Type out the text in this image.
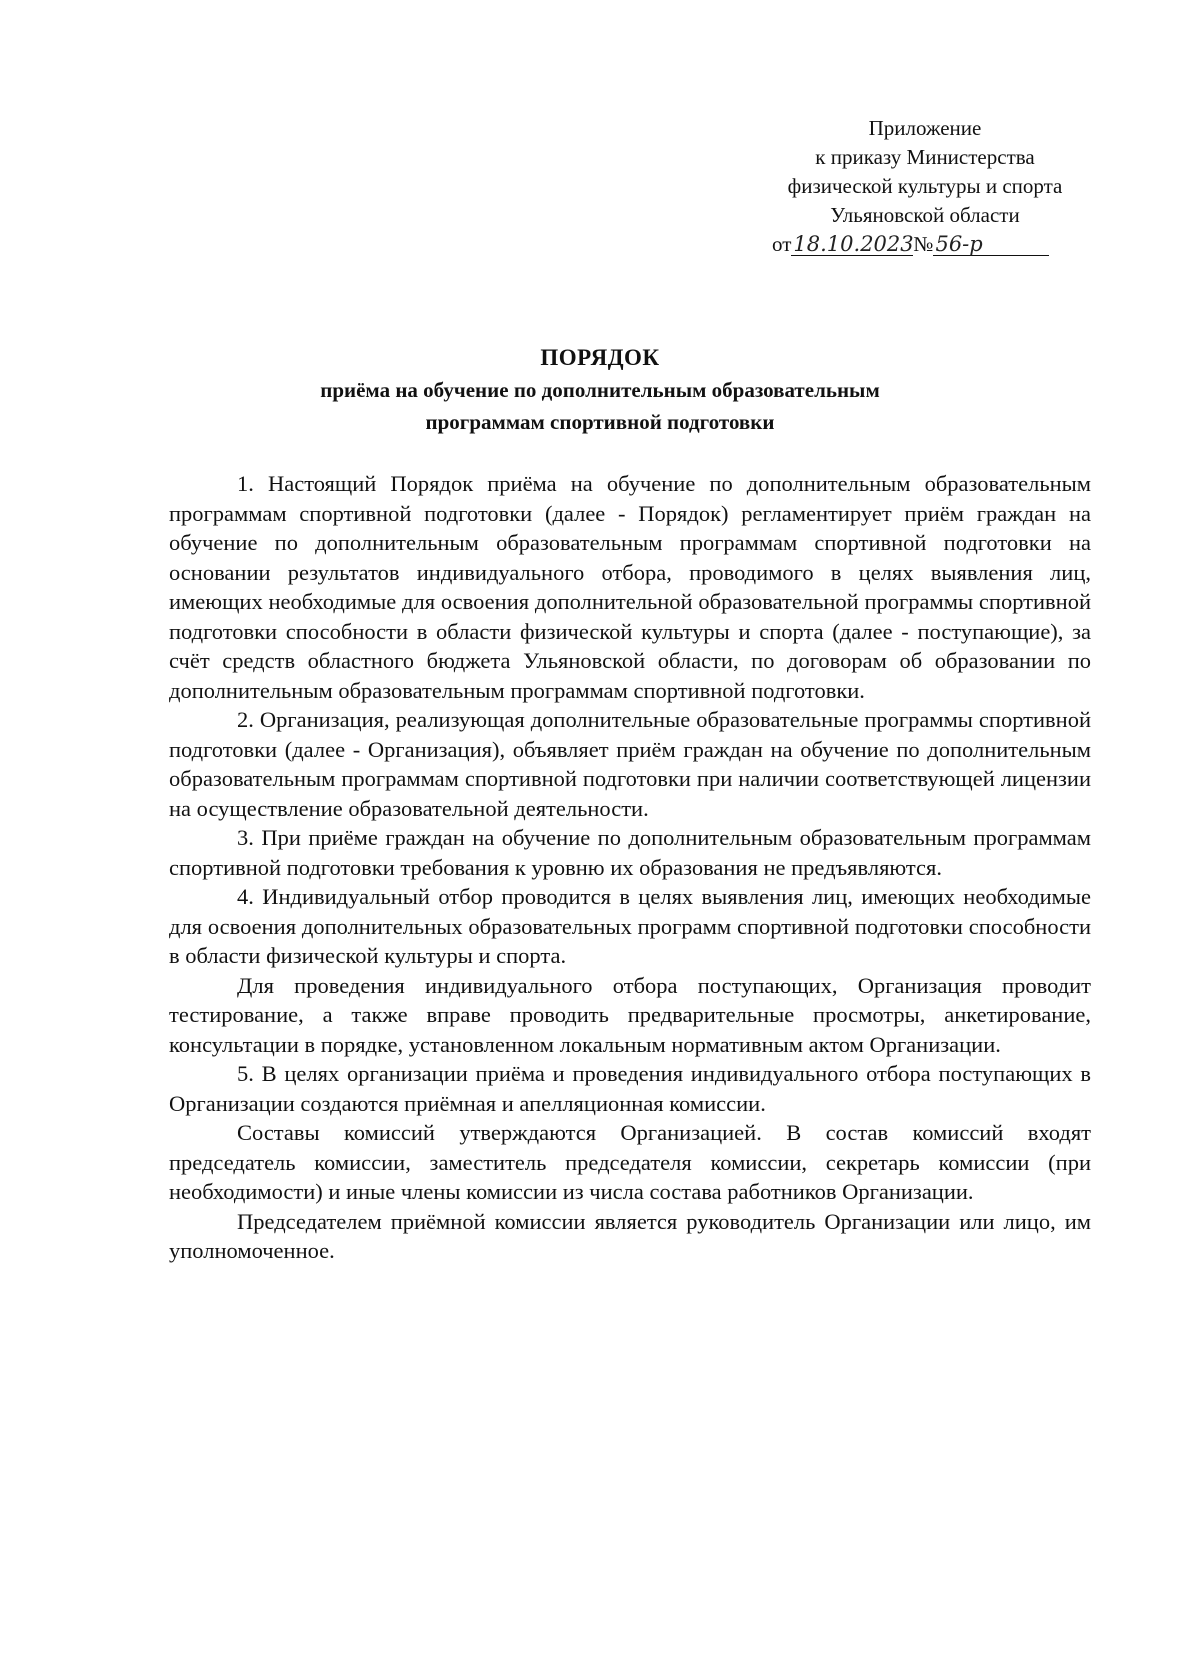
Приложение
к приказу Министерства
физической культуры и спорта
Ульяновской области
от18.10.2023№56-р
ПОРЯДОК
приёма на обучение по дополнительным образовательным
программам спортивной подготовки

1. Настоящий Порядок приёма на обучение по дополнительным образовательным программам спортивной подготовки (далее - Порядок) регламентирует приём граждан на обучение по дополнительным образовательным программам спортивной подготовки на основании результатов индивидуального отбора, проводимого в целях выявления лиц, имеющих необходимые для освоения дополнительной образовательной программы спортивной подготовки способности в области физической культуры и спорта (далее - поступающие), за счёт средств областного бюджета Ульяновской области, по договорам об образовании по дополнительным образовательным программам спортивной подготовки.

2. Организация, реализующая дополнительные образовательные программы спортивной подготовки (далее - Организация), объявляет приём граждан на обучение по дополнительным образовательным программам спортивной подготовки при наличии соответствующей лицензии на осуществление образовательной деятельности.

3. При приёме граждан на обучение по дополнительным образовательным программам спортивной подготовки требования к уровню их образования не предъявляются.

4. Индивидуальный отбор проводится в целях выявления лиц, имеющих необходимые для освоения дополнительных образовательных программ спортивной подготовки способности в области физической культуры и спорта.

Для проведения индивидуального отбора поступающих, Организация проводит тестирование, а также вправе проводить предварительные просмотры, анкетирование, консультации в порядке, установленном локальным нормативным актом Организации.

5. В целях организации приёма и проведения индивидуального отбора поступающих в Организации создаются приёмная и апелляционная комиссии.

Составы комиссий утверждаются Организацией. В состав комиссий входят председатель комиссии, заместитель председателя комиссии, секретарь комиссии (при необходимости) и иные члены комиссии из числа состава работников Организации.

Председателем приёмной комиссии является руководитель Организации или лицо, им уполномоченное.
